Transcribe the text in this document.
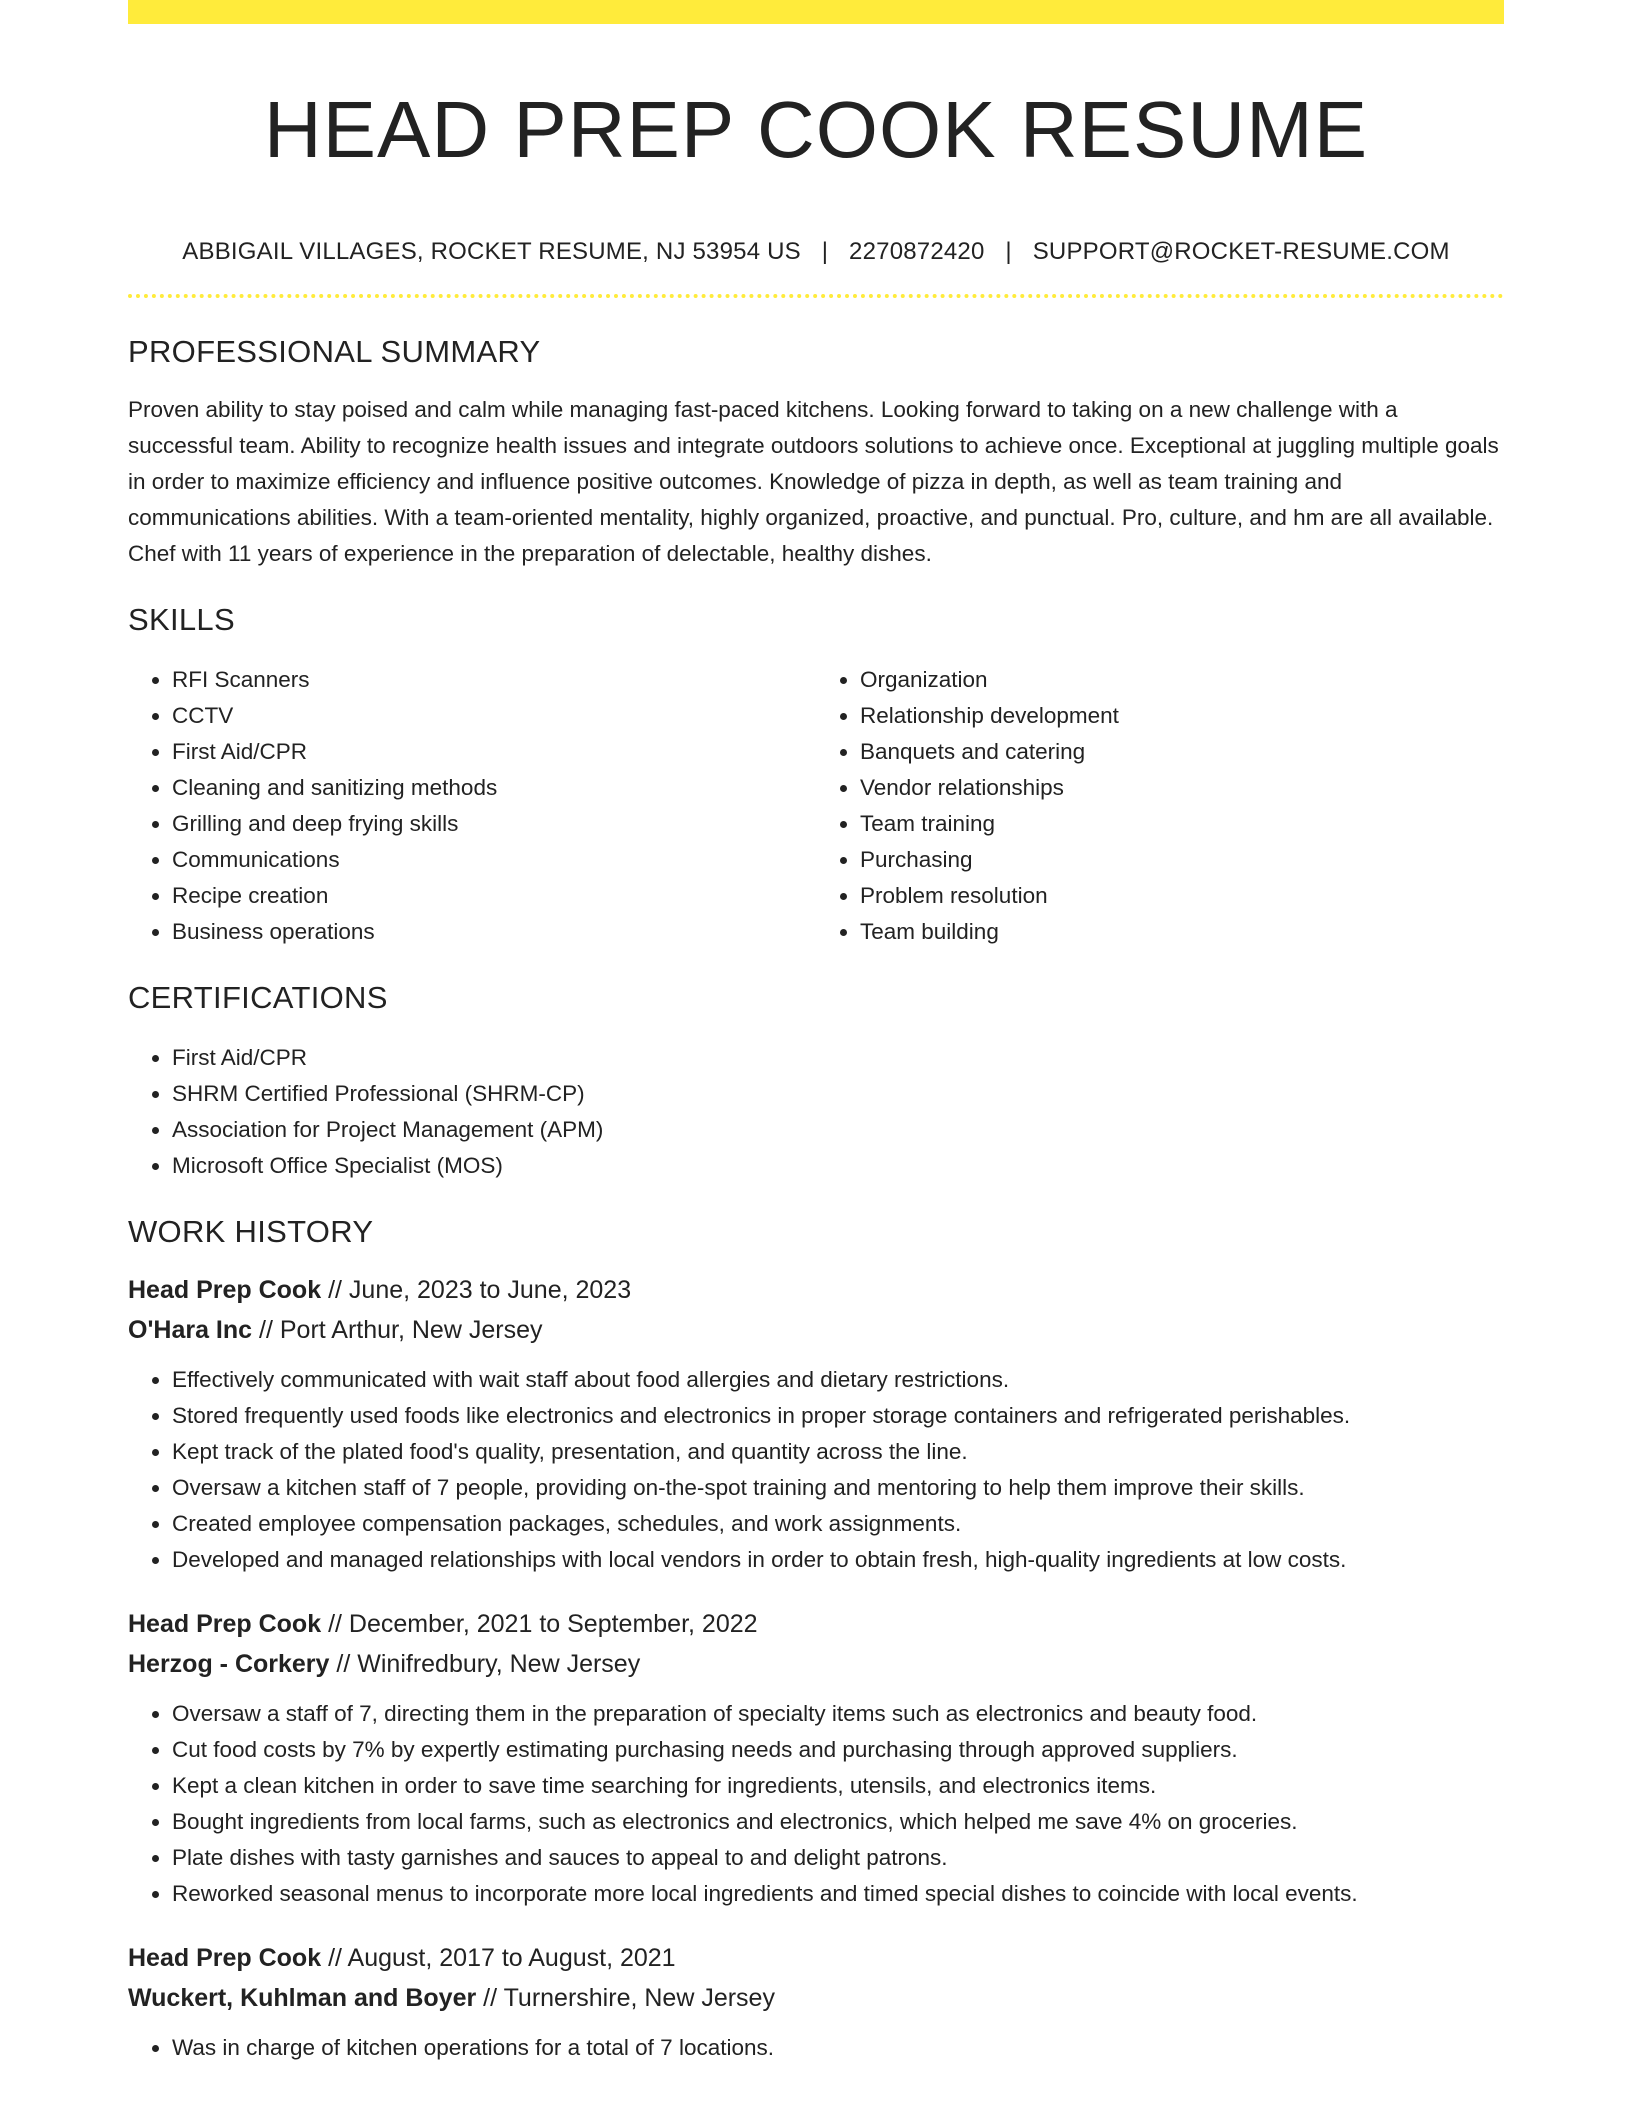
HEAD PREP COOK RESUME
ABBIGAIL VILLAGES, ROCKET RESUME, NJ 53954 US | 2270872420 | SUPPORT@ROCKET-RESUME.COM
PROFESSIONAL SUMMARY

Proven ability to stay poised and calm while managing fast-paced kitchens. Looking forward to taking on a new challenge with a successful team. Ability to recognize health issues and integrate outdoors solutions to achieve once. Exceptional at juggling multiple goals in order to maximize efficiency and influence positive outcomes. Knowledge of pizza in depth, as well as team training and communications abilities. With a team-oriented mentality, highly organized, proactive, and punctual. Pro, culture, and hm are all available. Chef with 11 years of experience in the preparation of delectable, healthy dishes.

SKILLS
• RFI Scanners
• CCTV
• First Aid/CPR
• Cleaning and sanitizing methods
• Grilling and deep frying skills
• Communications
• Recipe creation
• Business operations
• Organization
• Relationship development
• Banquets and catering
• Vendor relationships
• Team training
• Purchasing
• Problem resolution
• Team building
CERTIFICATIONS
• First Aid/CPR
• SHRM Certified Professional (SHRM-CP)
• Association for Project Management (APM)
• Microsoft Office Specialist (MOS)
WORK HISTORY
Head Prep Cook // June, 2023 to June, 2023
O'Hara Inc // Port Arthur, New Jersey
• Effectively communicated with wait staff about food allergies and dietary restrictions.
• Stored frequently used foods like electronics and electronics in proper storage containers and refrigerated perishables.
• Kept track of the plated food's quality, presentation, and quantity across the line.
• Oversaw a kitchen staff of 7 people, providing on-the-spot training and mentoring to help them improve their skills.
• Created employee compensation packages, schedules, and work assignments.
• Developed and managed relationships with local vendors in order to obtain fresh, high-quality ingredients at low costs.
Head Prep Cook // December, 2021 to September, 2022
Herzog - Corkery // Winifredbury, New Jersey
• Oversaw a staff of 7, directing them in the preparation of specialty items such as electronics and beauty food.
• Cut food costs by 7% by expertly estimating purchasing needs and purchasing through approved suppliers.
• Kept a clean kitchen in order to save time searching for ingredients, utensils, and electronics items.
• Bought ingredients from local farms, such as electronics and electronics, which helped me save 4% on groceries.
• Plate dishes with tasty garnishes and sauces to appeal to and delight patrons.
• Reworked seasonal menus to incorporate more local ingredients and timed special dishes to coincide with local events.
Head Prep Cook // August, 2017 to August, 2021
Wuckert, Kuhlman and Boyer // Turnershire, New Jersey
• Was in charge of kitchen operations for a total of 7 locations.
